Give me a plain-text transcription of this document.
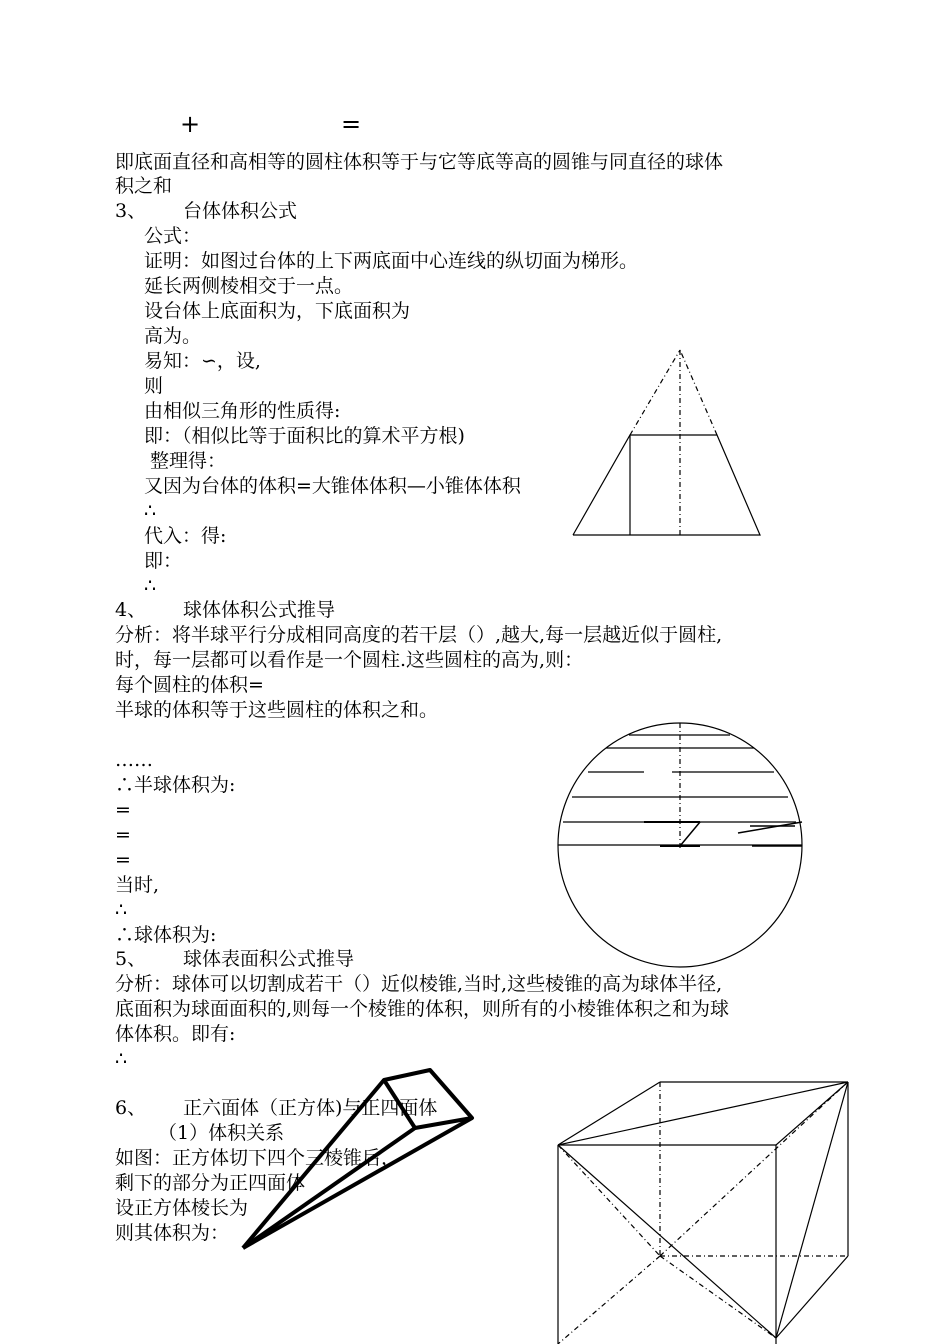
+	=
即底面直径和高相等的圆柱体积等于与它等底等高的圆锥与同直径的球体
积之和
3、 台体体积公式
公式：
证明：如图过台体的上下两底面中心连线的纵切面为梯形。
延长两侧棱相交于一点。
设台体上底面积为，下底面积为
高为。
易知：∽，设,
则
由相似三角形的性质得:
即：（相似比等于面积比的算术平方根)
整理得：
又因为台体的体积=大锥体体积—小锥体体积
∴
代入：得:
即：
∴
4、 球体体积公式推导
分析：将半球平行分成相同高度的若干层（）,越大,每一层越近似于圆柱,
时，每一层都可以看作是一个圆柱.这些圆柱的高为,则：
每个圆柱的体积=
半球的体积等于这些圆柱的体积之和。
……
∴半球体积为:
=
=
=
当时,
∴
∴球体积为:
5、 球体表面积公式推导
分析：球体可以切割成若干（）近似棱锥,当时,这些棱锥的高为球体半径,
底面积为球面面积的,则每一个棱锥的体积，则所有的小棱锥体积之和为球
体体积。即有:
∴
6、 正六面体（正方体)与正四面体
（1）体积关系
如图：正方体切下四个三棱锥后，
剩下的部分为正四面体
设正方体棱长为
则其体积为：
